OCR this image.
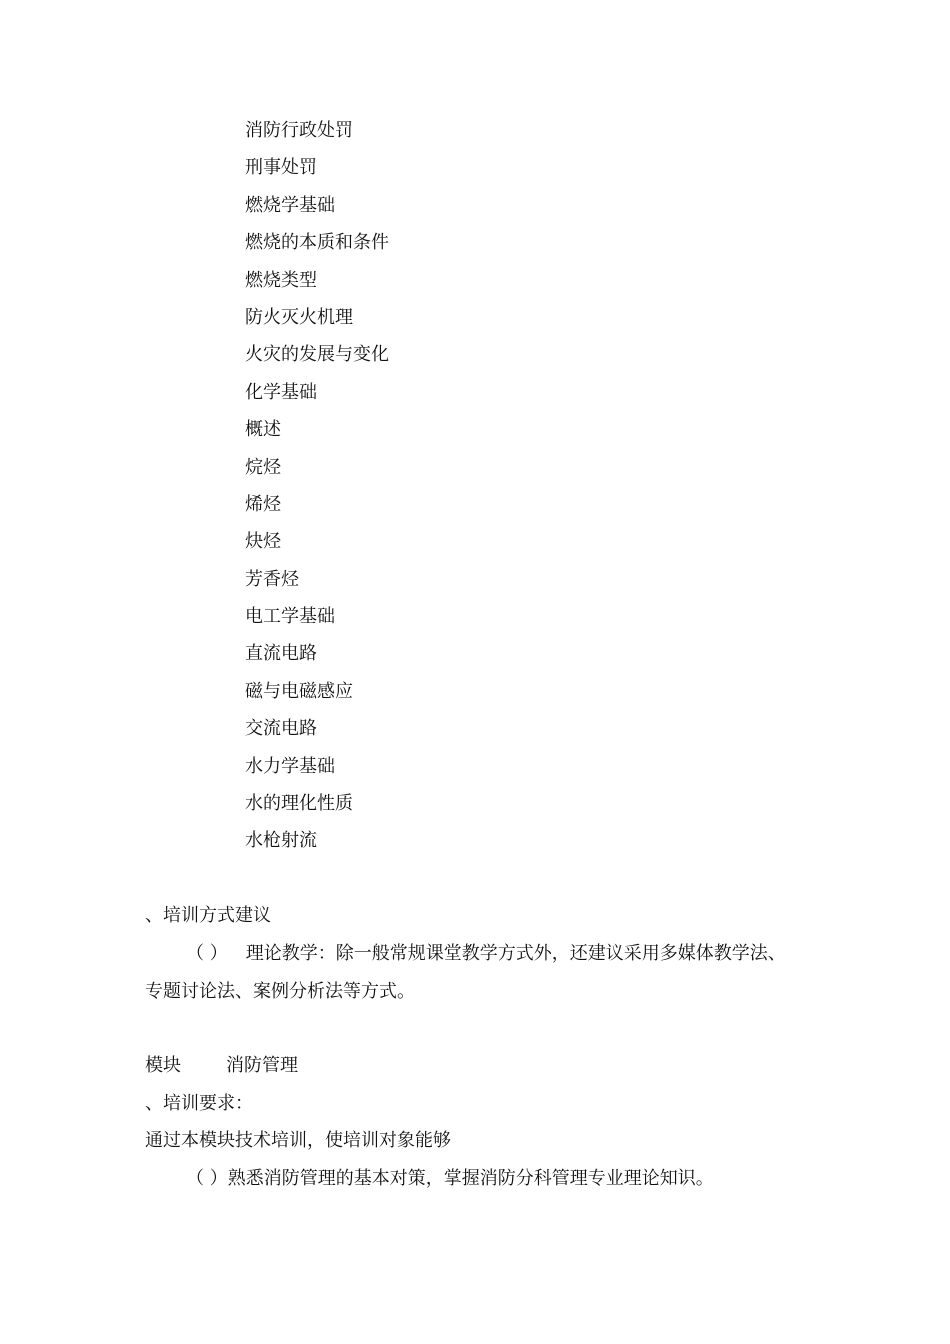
消防行政处罚
刑事处罚
燃烧学基础
燃烧的本质和条件
燃烧类型
防火灭火机理
火灾的发展与变化
化学基础
概述
烷烃
烯烃
炔烃
芳香烃
电工学基础
直流电路
磁与电磁感应
交流电路
水力学基础
水的理化性质
水枪射流
、培训方式建议
（ ） 理论教学：除一般常规课堂教学方式外，还建议采用多媒体教学法、
专题讨论法、案例分析法等方式。
模块	消防管理
、培训要求：
通过本模块技术培训，使培训对象能够
（ ）熟悉消防管理的基本对策，掌握消防分科管理专业理论知识。
